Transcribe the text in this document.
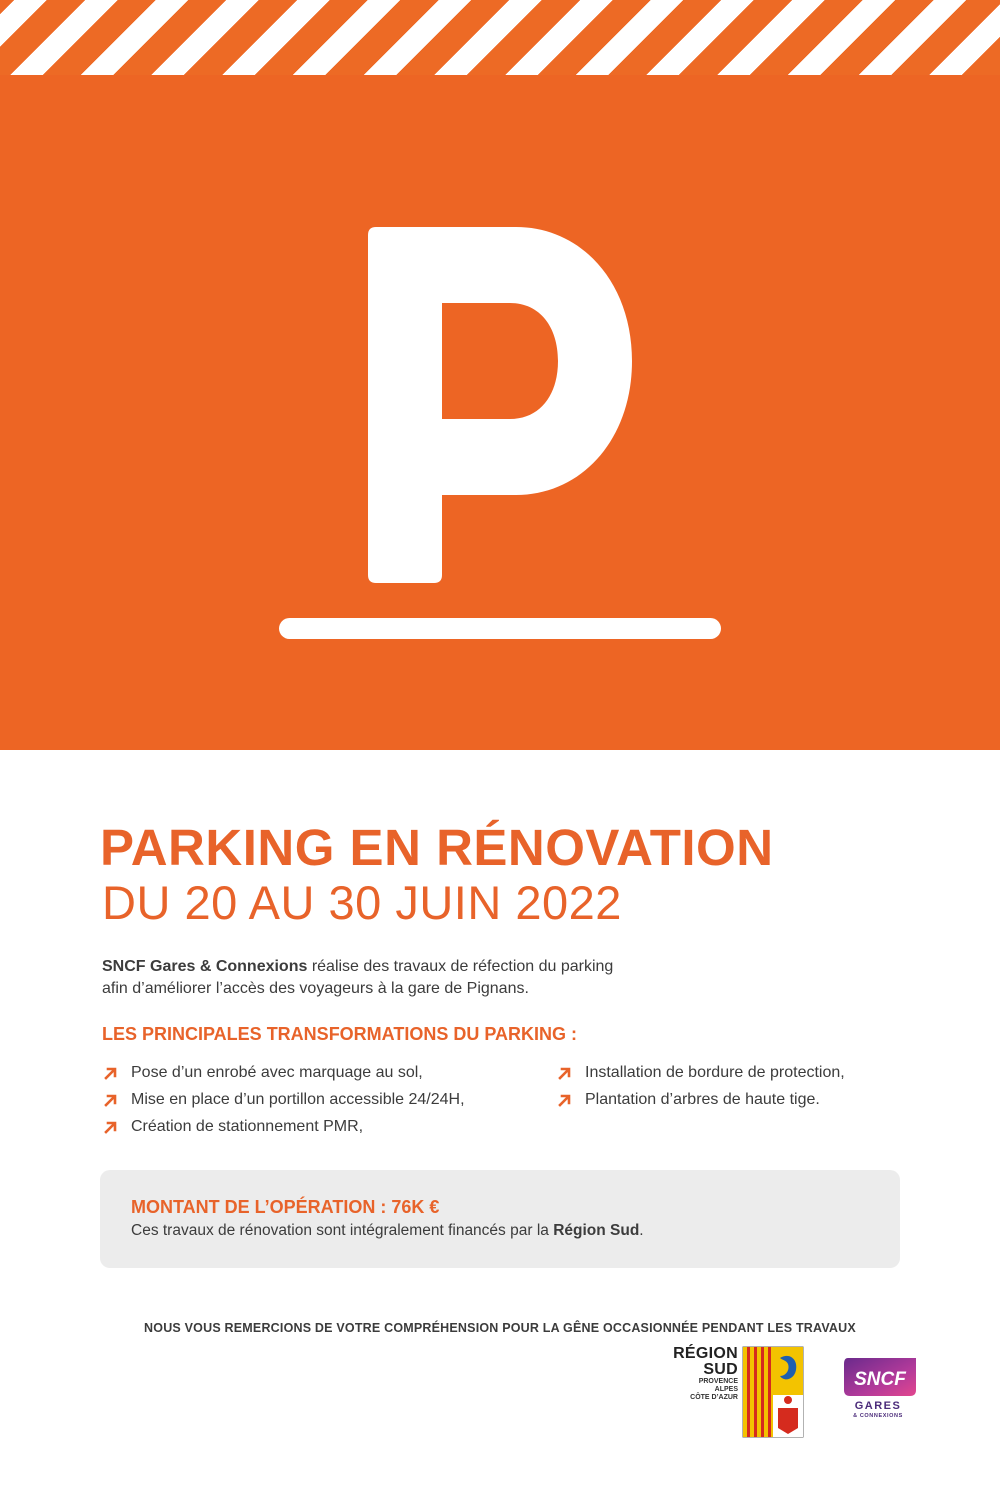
PARKING EN RÉNOVATION
DU 20 AU 30 JUIN 2022
SNCF Gares & Connexions réalise des travaux de réfection du parking
afin d’améliorer l’accès des voyageurs à la gare de Pignans.
LES PRINCIPALES TRANSFORMATIONS DU PARKING :
Pose d’un enrobé avec marquage au sol,
Mise en place d’un portillon accessible 24/24H,
Création de stationnement PMR,
Installation de bordure de protection,
Plantation d’arbres de haute tige.
MONTANT DE L’OPÉRATION : 76K €
Ces travaux de rénovation sont intégralement financés par la Région Sud.
NOUS VOUS REMERCIONS DE VOTRE COMPRÉHENSION POUR LA GÊNE OCCASIONNÉE PENDANT LES TRAVAUX
RÉGION
SUD
PROVENCE
ALPES
CÔTE D’AZUR
SNCF
GARES
& CONNEXIONS
